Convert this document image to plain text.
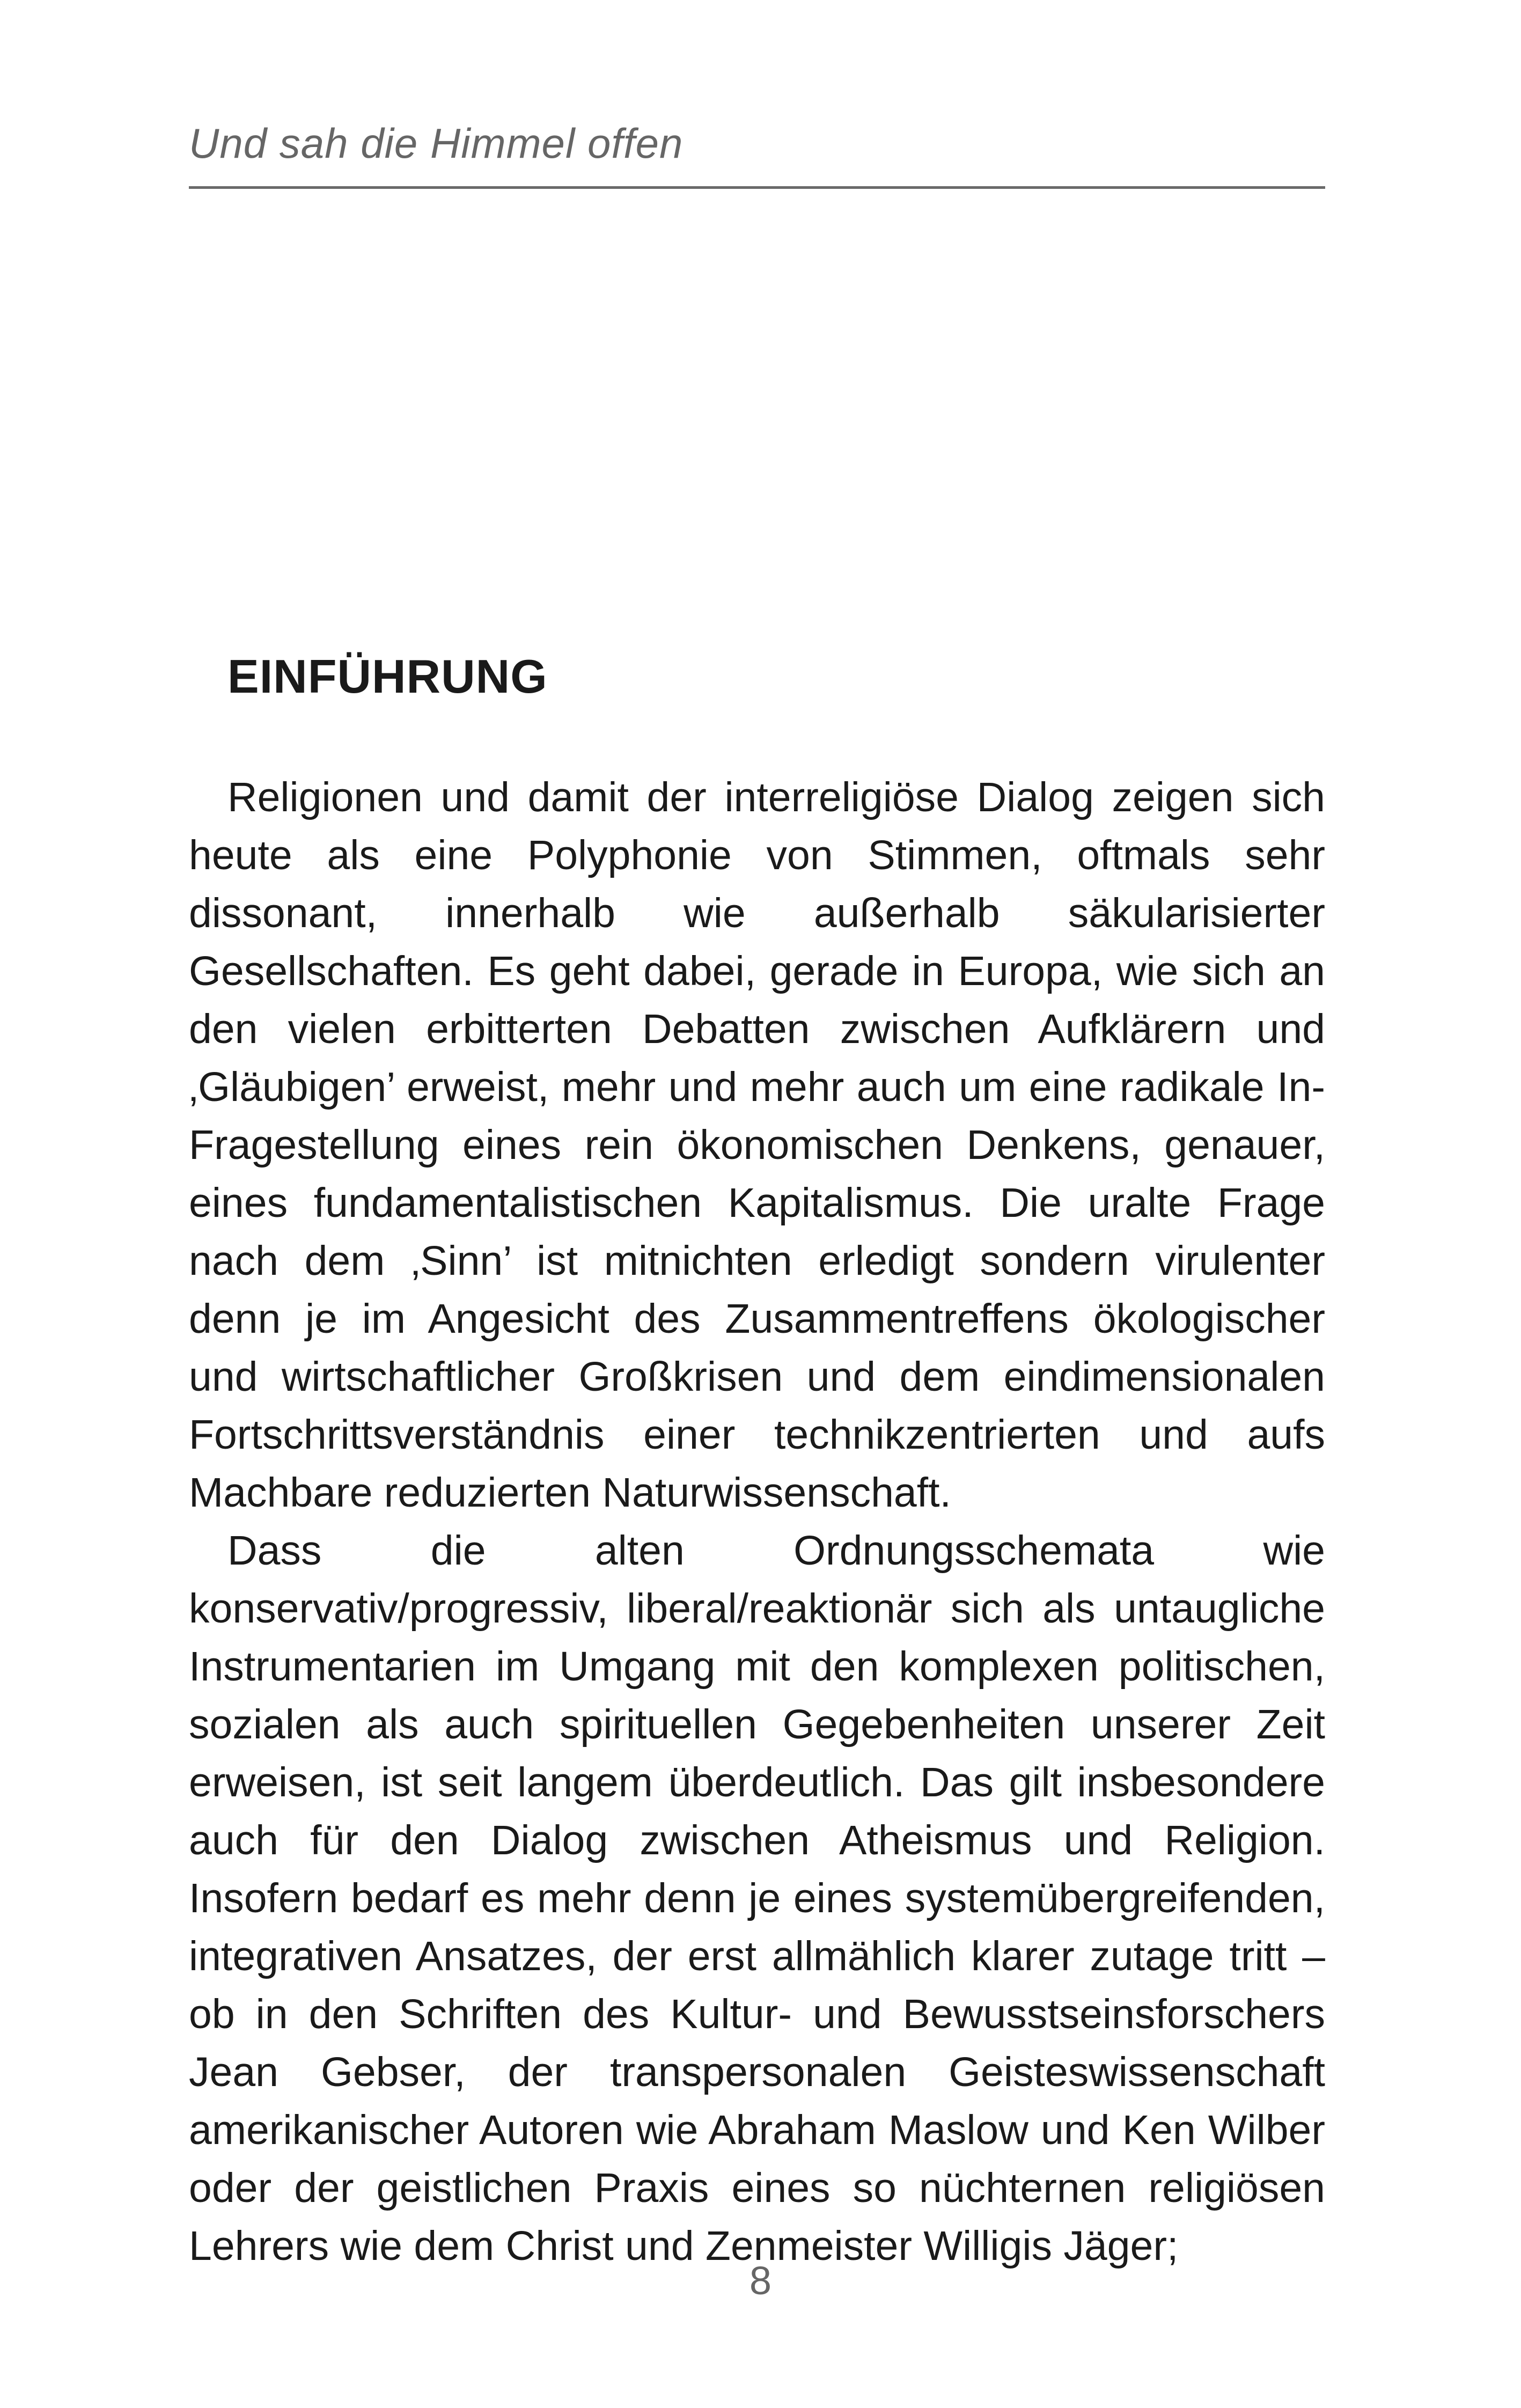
Und sah die Himmel offen
EINFÜHRUNG

Religionen und damit der interreligiöse Dialog zeigen sich heute als eine Polyphonie von Stimmen, oftmals sehr dissonant, innerhalb wie außerhalb säkularisierter Gesellschaften. Es geht dabei, gerade in Europa, wie sich an den vielen erbitterten Debatten zwischen Aufklärern und ‚Gläubigen’ erweist, mehr und mehr auch um eine radikale In-Fragestellung eines rein ökonomischen Denkens, genauer, eines fundamentalistischen Kapitalismus. Die uralte Frage nach dem ‚Sinn’ ist mitnichten erledigt sondern virulenter denn je im Angesicht des Zusammentreffens ökologischer und wirtschaftlicher Großkrisen und dem eindimensionalen Fortschrittsverständnis einer technikzentrierten und aufs Machbare reduzierten Naturwissenschaft.

Dass die alten Ordnungsschemata wie konservativ/progressiv, liberal/reaktionär sich als untaugliche Instrumentarien im Umgang mit den komplexen politischen, sozialen als auch spirituellen Gegebenheiten unserer Zeit erweisen, ist seit langem überdeutlich. Das gilt insbesondere auch für den Dialog zwischen Atheismus und Religion. Insofern bedarf es mehr denn je eines systemübergreifenden, integrativen Ansatzes, der erst allmählich klarer zutage tritt – ob in den Schriften des Kultur- und Bewusstseinsforschers Jean Gebser, der transpersonalen Geisteswissenschaft amerikanischer Autoren wie Abraham Maslow und Ken Wilber oder der geistlichen Praxis eines so nüchternen religiösen Lehrers wie dem Christ und Zenmeister Willigis Jäger;

8
